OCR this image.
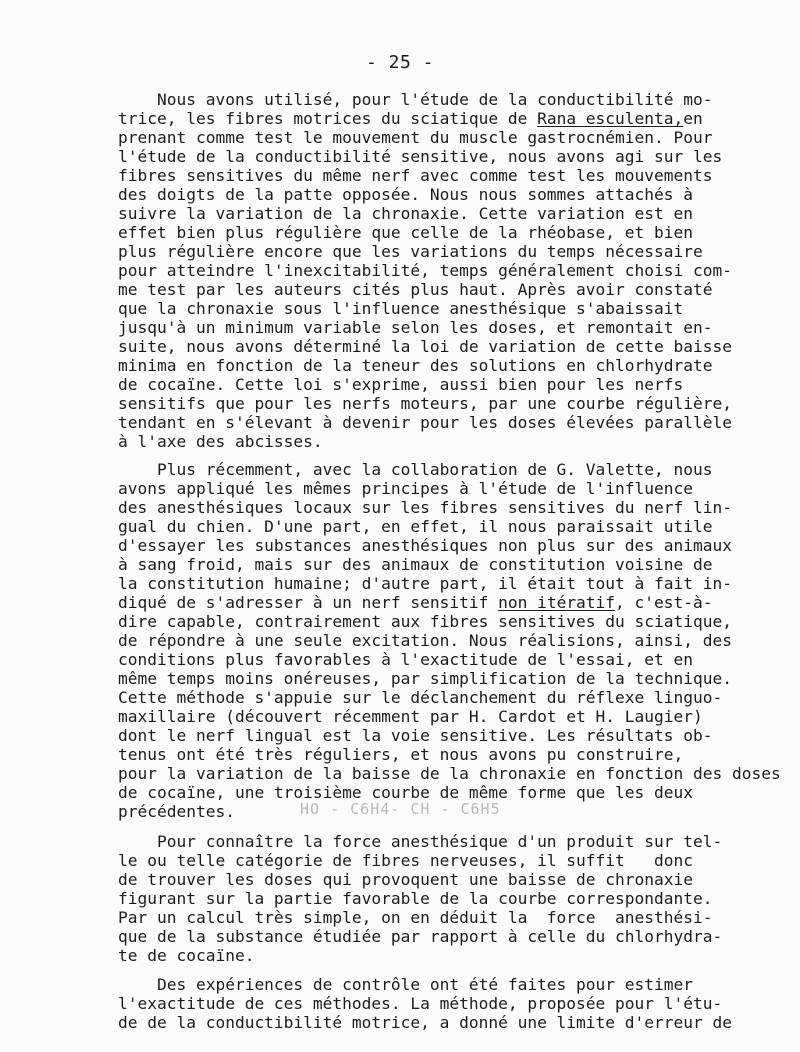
- 25 -
Nous avons utilisé, pour l'étude de la conductibilité mo-
trice, les fibres motrices du sciatique de Rana esculenta,en
prenant comme test le mouvement du muscle gastrocnémien. Pour
l'étude de la conductibilité sensitive, nous avons agi sur les
fibres sensitives du même nerf avec comme test les mouvements
des doigts de la patte opposée. Nous nous sommes attachés à
suivre la variation de la chronaxie. Cette variation est en
effet bien plus régulière que celle de la rhéobase, et bien
plus régulière encore que les variations du temps nécessaire
pour atteindre l'inexcitabilité, temps généralement choisi com-
me test par les auteurs cités plus haut. Après avoir constaté
que la chronaxie sous l'influence anesthésique s'abaissait
jusqu'à un minimum variable selon les doses, et remontait en-
suite, nous avons déterminé la loi de variation de cette baisse
minima en fonction de la teneur des solutions en chlorhydrate
de cocaïne. Cette loi s'exprime, aussi bien pour les nerfs
sensitifs que pour les nerfs moteurs, par une courbe régulière,
tendant en s'élevant à devenir pour les doses élevées parallèle
à l'axe des abcisses.
Plus récemment, avec la collaboration de G. Valette, nous
avons appliqué les mêmes principes à l'étude de l'influence
des anesthésiques locaux sur les fibres sensitives du nerf lin-
gual du chien. D'une part, en effet, il nous paraissait utile
d'essayer les substances anesthésiques non plus sur des animaux
à sang froid, mais sur des animaux de constitution voisine de
la constitution humaine; d'autre part, il était tout à fait in-
diqué de s'adresser à un nerf sensitif non itératif, c'est-à-
dire capable, contrairement aux fibres sensitives du sciatique,
de répondre à une seule excitation. Nous réalisions, ainsi, des
conditions plus favorables à l'exactitude de l'essai, et en
même temps moins onéreuses, par simplification de la technique.
Cette méthode s'appuie sur le déclanchement du réflexe linguo-
maxillaire (découvert récemment par H. Cardot et H. Laugier)
dont le nerf lingual est la voie sensitive. Les résultats ob-
tenus ont été très réguliers, et nous avons pu construire,
pour la variation de la baisse de la chronaxie en fonction des doses
de cocaïne, une troisième courbe de même forme que les deux
précédentes.
Pour connaître la force anesthésique d'un produit sur tel-
le ou telle catégorie de fibres nerveuses, il suffit   donc
de trouver les doses qui provoquent une baisse de chronaxie
figurant sur la partie favorable de la courbe correspondante.
Par un calcul très simple, on en déduit la  force  anesthési-
que de la substance étudiée par rapport à celle du chlorhydra-
te de cocaïne.
Des expériences de contrôle ont été faites pour estimer
l'exactitude de ces méthodes. La méthode, proposée pour l'étu-
de de la conductibilité motrice, a donné une limite d'erreur de
HO - C6H4- CH - C6H5
